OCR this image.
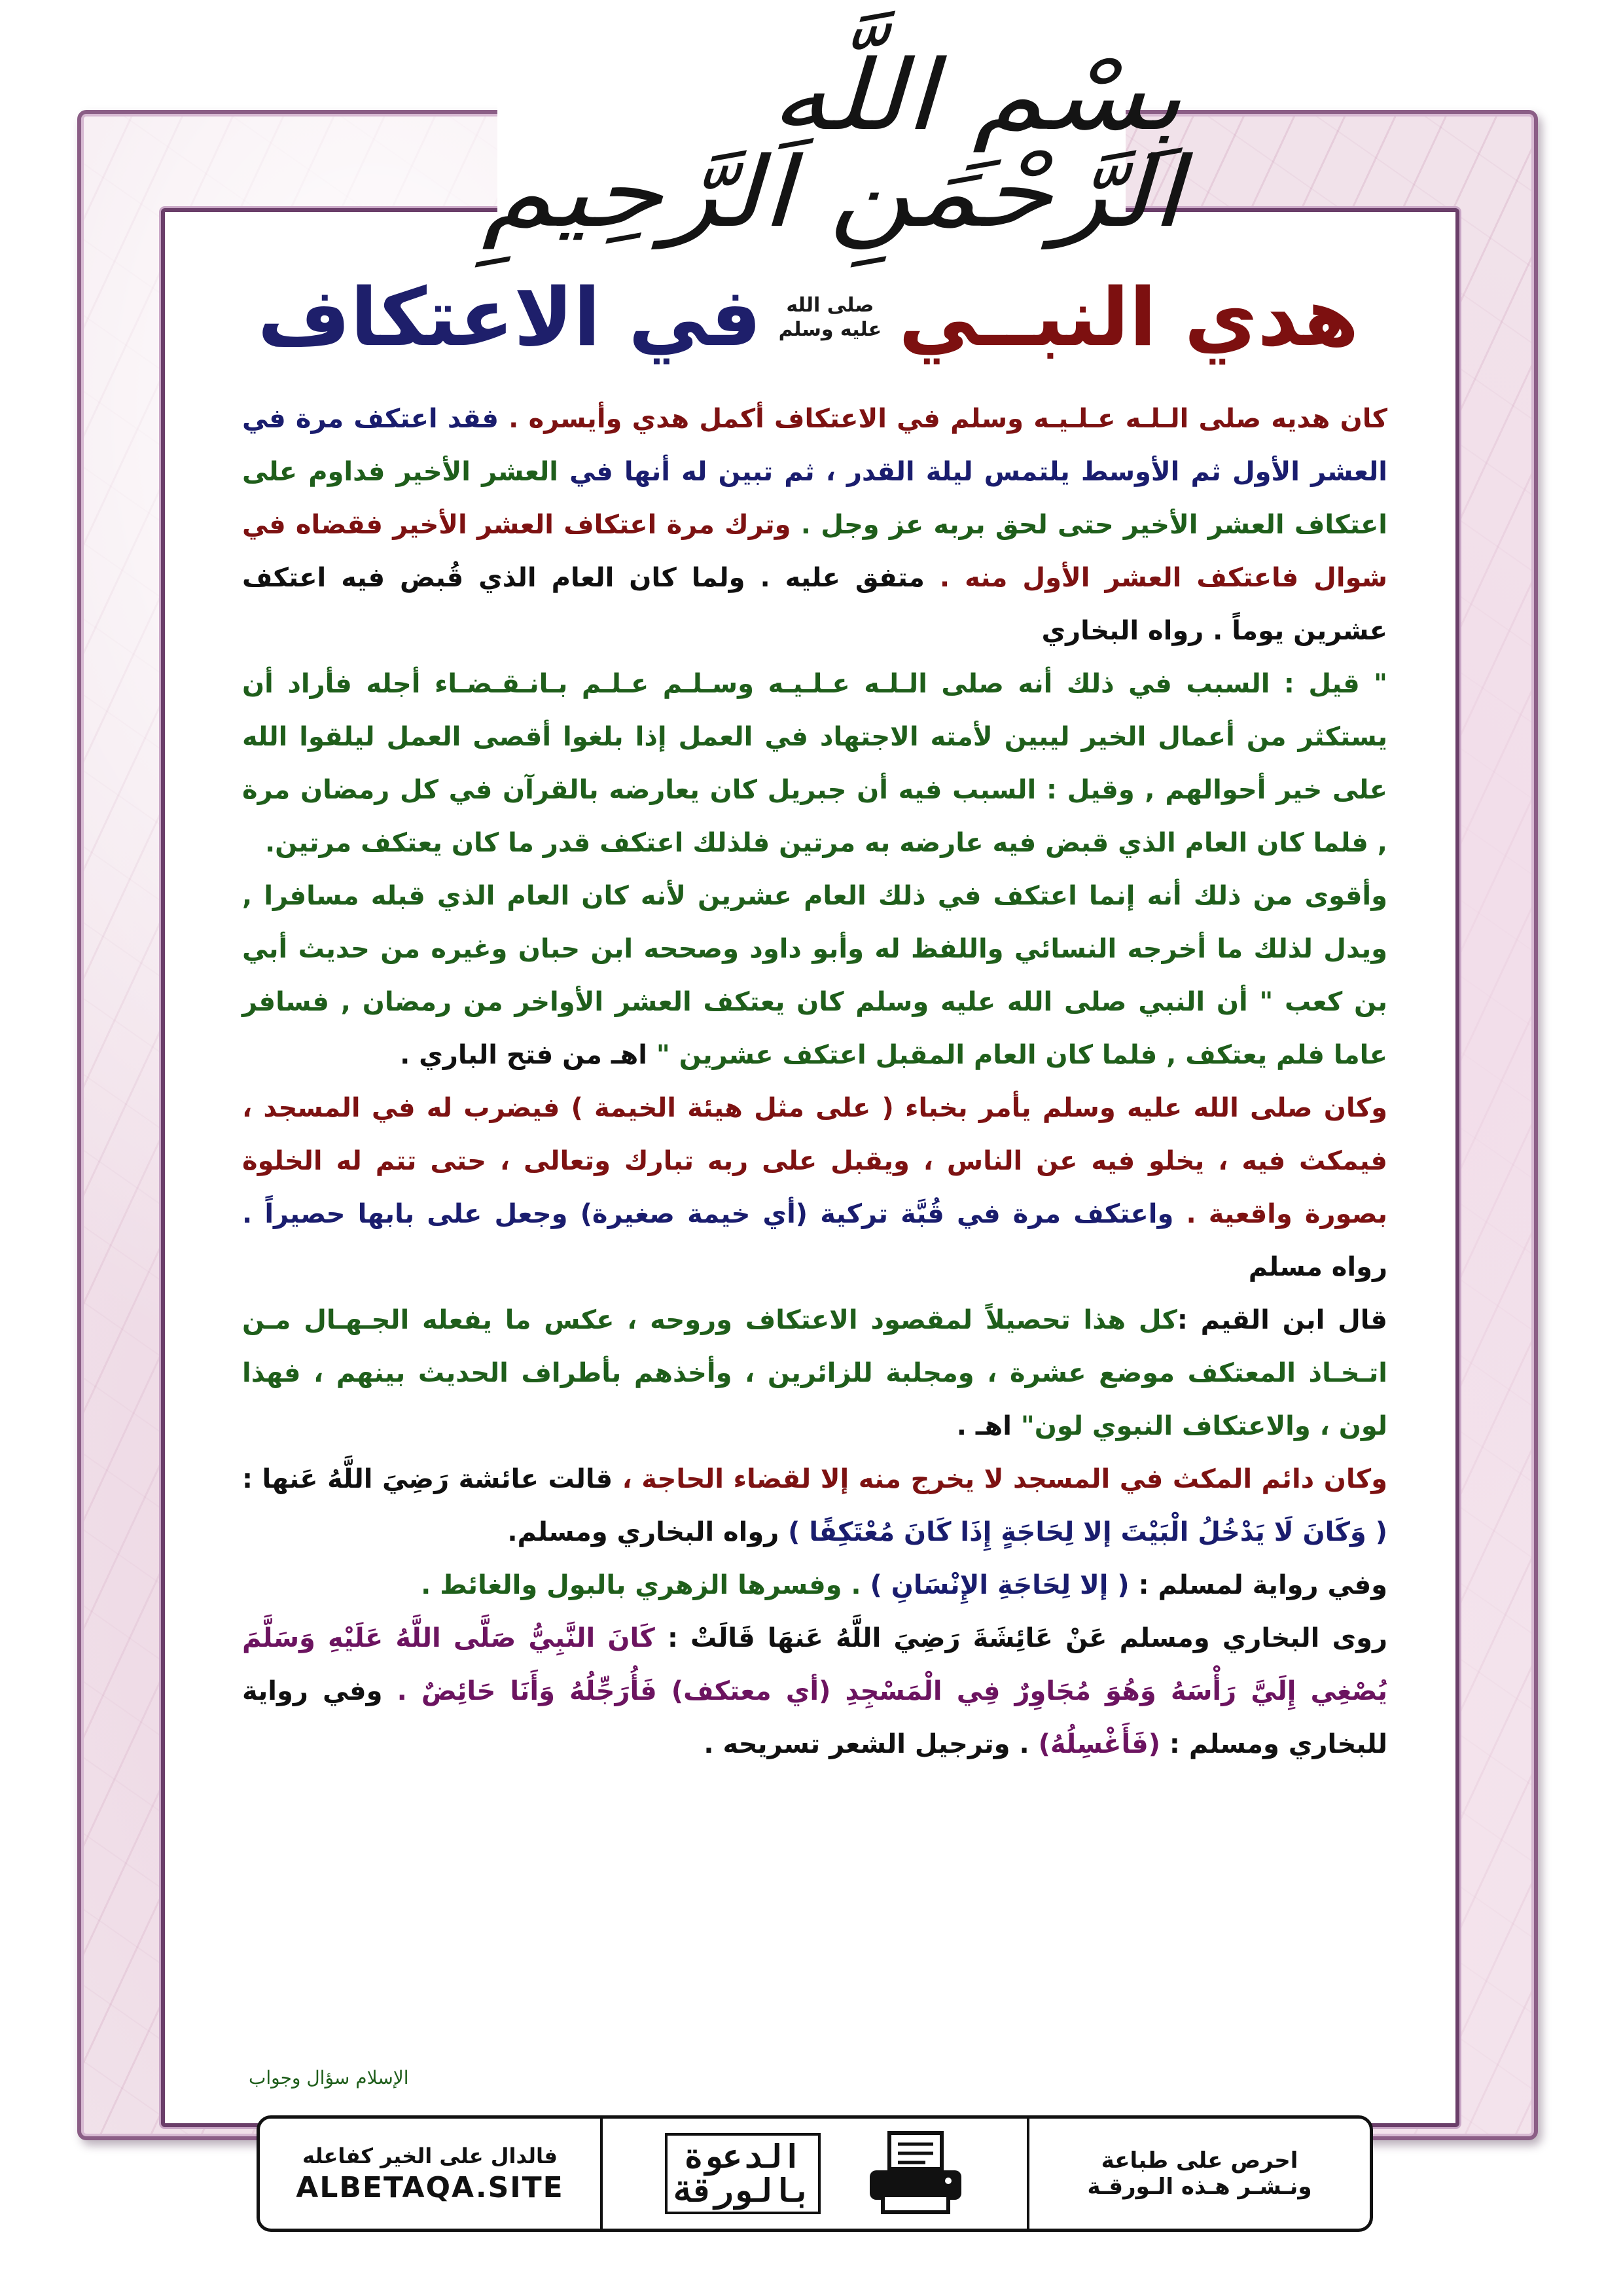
بِسْمِ اللَّهِ الرَّحْمَنِ الرَّحِيمِ
في الاعتكاف صلى الله
عليه وسلم هدي النبــي

كان هديه صلى الـلـه عـلـيـه وسلم في الاعتكاف أكمل هدي وأيسره . فقد اعتكف مرة في العشر الأول ثم الأوسط يلتمس ليلة القدر ، ثم تبين له أنها في العشر الأخير فداوم على اعتكاف العشر الأخير حتى لحق بربه عز وجل . وترك مرة اعتكاف العشر الأخير فقضاه في شوال فاعتكف العشر الأول منه . متفق عليه . ولما كان العام الذي قُبض فيه اعتكف عشرين يوماً . رواه البخاري

" قيل : السبب في ذلك أنه صلى الـلـه عـلـيـه وسـلـم عـلـم بـانـقـضـاء أجله فأراد أن يستكثر من أعمال الخير ليبين لأمته الاجتهاد في العمل إذا بلغوا أقصى العمل ليلقوا الله على خير أحوالهم , وقيل : السبب فيه أن جبريل كان يعارضه بالقرآن في كل رمضان مرة , فلما كان العام الذي قبض فيه عارضه به مرتين فلذلك اعتكف قدر ما كان يعتكف مرتين.

وأقوى من ذلك أنه إنما اعتكف في ذلك العام عشرين لأنه كان العام الذي قبله مسافرا , ويدل لذلك ما أخرجه النسائي واللفظ له وأبو داود وصححه ابن حبان وغيره من حديث أبي بن كعب " أن النبي صلى الله عليه وسلم كان يعتكف العشر الأواخر من رمضان , فسافر عاما فلم يعتكف , فلما كان العام المقبل اعتكف عشرين " اهـ من فتح الباري .

وكان صلى الله عليه وسلم يأمر بخباء ( على مثل هيئة الخيمة ) فيضرب له في المسجد ، فيمكث فيه ، يخلو فيه عن الناس ، ويقبل على ربه تبارك وتعالى ، حتى تتم له الخلوة بصورة واقعية . واعتكف مرة في قُبَّة تركية (أي خيمة صغيرة) وجعل على بابها حصيراً . رواه مسلم

قال ابن القيم :كل هذا تحصيلاً لمقصود الاعتكاف وروحه ، عكس ما يفعله الجـهـال مـن اتـخـاذ المعتكف موضع عشرة ، ومجلبة للزائرين ، وأخذهم بأطراف الحديث بينهم ، فهذا لون ، والاعتكاف النبوي لون" اهـ .

وكان دائم المكث في المسجد لا يخرج منه إلا لقضاء الحاجة ، قالت عائشة رَضِيَ اللَّهُ عَنها : ( وَكَانَ لَا يَدْخُلُ الْبَيْتَ إلا لِحَاجَةٍ إِذَا كَانَ مُعْتَكِفًا ) رواه البخاري ومسلم.

وفي رواية لمسلم : ( إلا لِحَاجَةِ الإِنْسَانِ ) . وفسرها الزهري بالبول والغائط .

روى البخاري ومسلم عَنْ عَائِشَةَ رَضِيَ اللَّهُ عَنهَا قَالَتْ : كَانَ النَّبِيُّ صَلَّى اللَّهُ عَلَيْهِ وَسَلَّمَ يُصْغِي إِلَيَّ رَأْسَهُ وَهُوَ مُجَاوِرٌ فِي الْمَسْجِدِ (أي معتكف) فَأُرَجِّلُهُ وَأَنَا حَائِضٌ . وفي رواية للبخاري ومسلم : (فَأَغْسِلُهُ) . وترجيل الشعر تسريحه .

الإسلام سؤال وجواب
فالدال على الخير كفاعله
ALBETAQA.SITE
الدعوة
بالورقة
احرص على طباعة
ونـشـر هـذه الـورقـة
